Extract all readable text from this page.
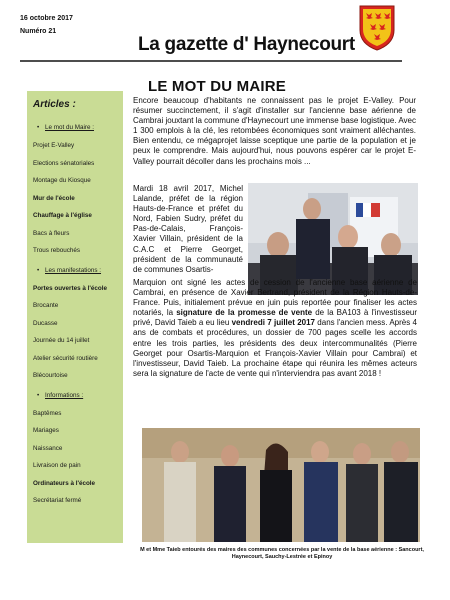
16 octobre 2017
Numéro 21
La gazette d' Haynecourt
Articles :
• Le mot du Maire :
Projet E-Valley
Elections sénatoriales
Montage du Kiosque
Mur de l'école
Chauffage à l'église
Bacs à fleurs
Trous rebouchés
• Les manifestations :
Portes ouvertes à l'école
Brocante
Ducasse
Journée du 14 juillet
Atelier sécurité routière
Blécourtoise
• Informations :
Baptêmes
Mariages
Naissance
Livraison de pain
Ordinateurs à l'école
Secrétariat fermé
LE MOT DU MAIRE
Encore beaucoup d'habitants ne connaissent pas le projet E-Valley. Pour résumer succinctement, il s'agit d'installer sur l'ancienne base aérienne de Cambrai jouxtant la commune d'Haynecourt une immense base logistique. Avec 1 300 emplois à la clé, les retombées économiques sont vraiment alléchantes. Bien entendu, ce mégaprojet laisse sceptique une partie de la population et je peux le comprendre. Mais aujourd'hui, nous pouvons espérer car le projet E-Valley pourrait décoller dans les prochains mois ...
Mardi 18 avril 2017, Michel Lalande, préfet de la région Hauts-de-France et préfet du Nord, Fabien Sudry, préfet du Pas-de-Calais, François-Xavier Villain, président de la C.A.C et Pierre Georget, président de la communauté de communes Osartis-
Marquion ont signé les actes de cession de l'ancienne base aérienne de Cambrai, en présence de Xavier Bertrand, président de la Région Hauts-de-France. Puis, initialement prévue en juin puis reportée pour finaliser les actes notariés, la signature de la promesse de vente de la BA103 à l'investisseur privé, David Taieb a eu lieu vendredi 7 juillet 2017 dans l'ancien mess. Après 4 ans de combats et procédures, un dossier de 700 pages scelle les accords entre les trois parties, les présidents des deux intercommunalités (Pierre Georget pour Osartis-Marquion et François-Xavier Villain pour Cambrai) et l'investisseur, David Taieb. La prochaine étape qui réunira les mêmes acteurs sera la signature de l'acte de vente qui n'interviendra pas avant 2018 !
M et Mme Taieb entourés des maires des communes concernées par la vente de la base aérienne : Sancourt, Haynecourt, Sauchy-Lestrée et Epinoy
